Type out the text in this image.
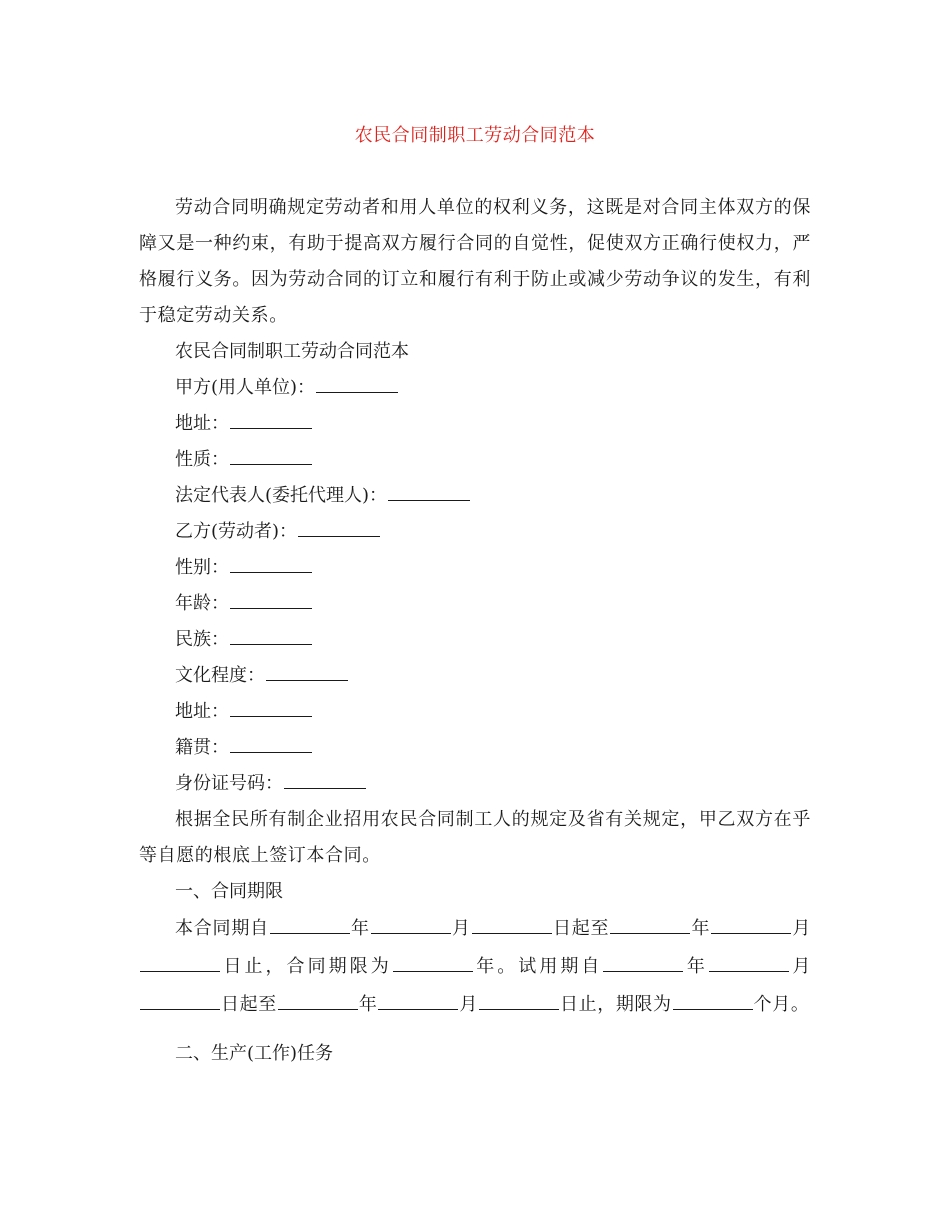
农民合同制职工劳动合同范本

劳动合同明确规定劳动者和用人单位的权利义务，这既是对合同主体双方的保障又是一种约束，有助于提高双方履行合同的自觉性，促使双方正确行使权力，严格履行义务。因为劳动合同的订立和履行有利于防止或减少劳动争议的发生，有利于稳定劳动关系。

农民合同制职工劳动合同范本

甲方(用人单位)：

地址：

性质：

法定代表人(委托代理人)：

乙方(劳动者)：

性别：

年龄：

民族：

文化程度：

地址：

籍贯：

身份证号码：

根据全民所有制企业招用农民合同制工人的规定及省有关规定，甲乙双方在乎等自愿的根底上签订本合同。

一、合同期限

本合同期自	年	月	日起至	年	月日止，合同期限为	年。试用期自	年	月日起至	年	月	日止，期限为	个月。

二、生产(工作)任务
